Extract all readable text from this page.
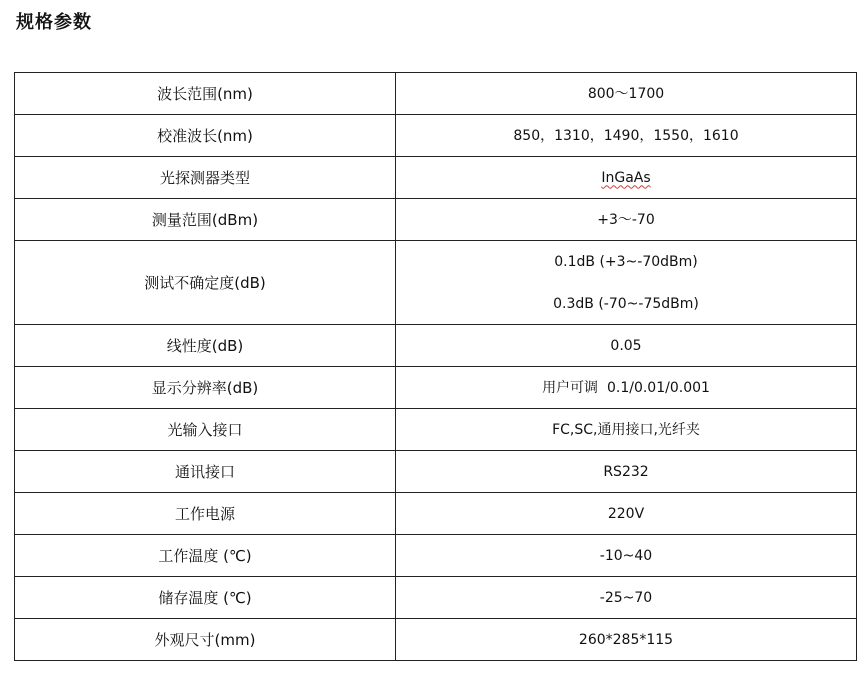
规格参数
波长范围(nm)	800～1700
校准波长(nm)	850，1310，1490，1550，1610
光探测器类型	InGaAs
测量范围(dBm)	+3～-70
测试不确定度(dB)	0.1dB (+3~-70dBm)
0.3dB (-70~-75dBm)

线性度(dB)	0.05
显示分辨率(dB)	用户可调  0.1/0.01/0.001
光输入接口	FC,SC,通用接口,光纤夹
通讯接口	RS232
工作电源	220V
工作温度 (℃)	-10~40
储存温度 (℃)	-25~70
外观尺寸(mm)	260*285*115
